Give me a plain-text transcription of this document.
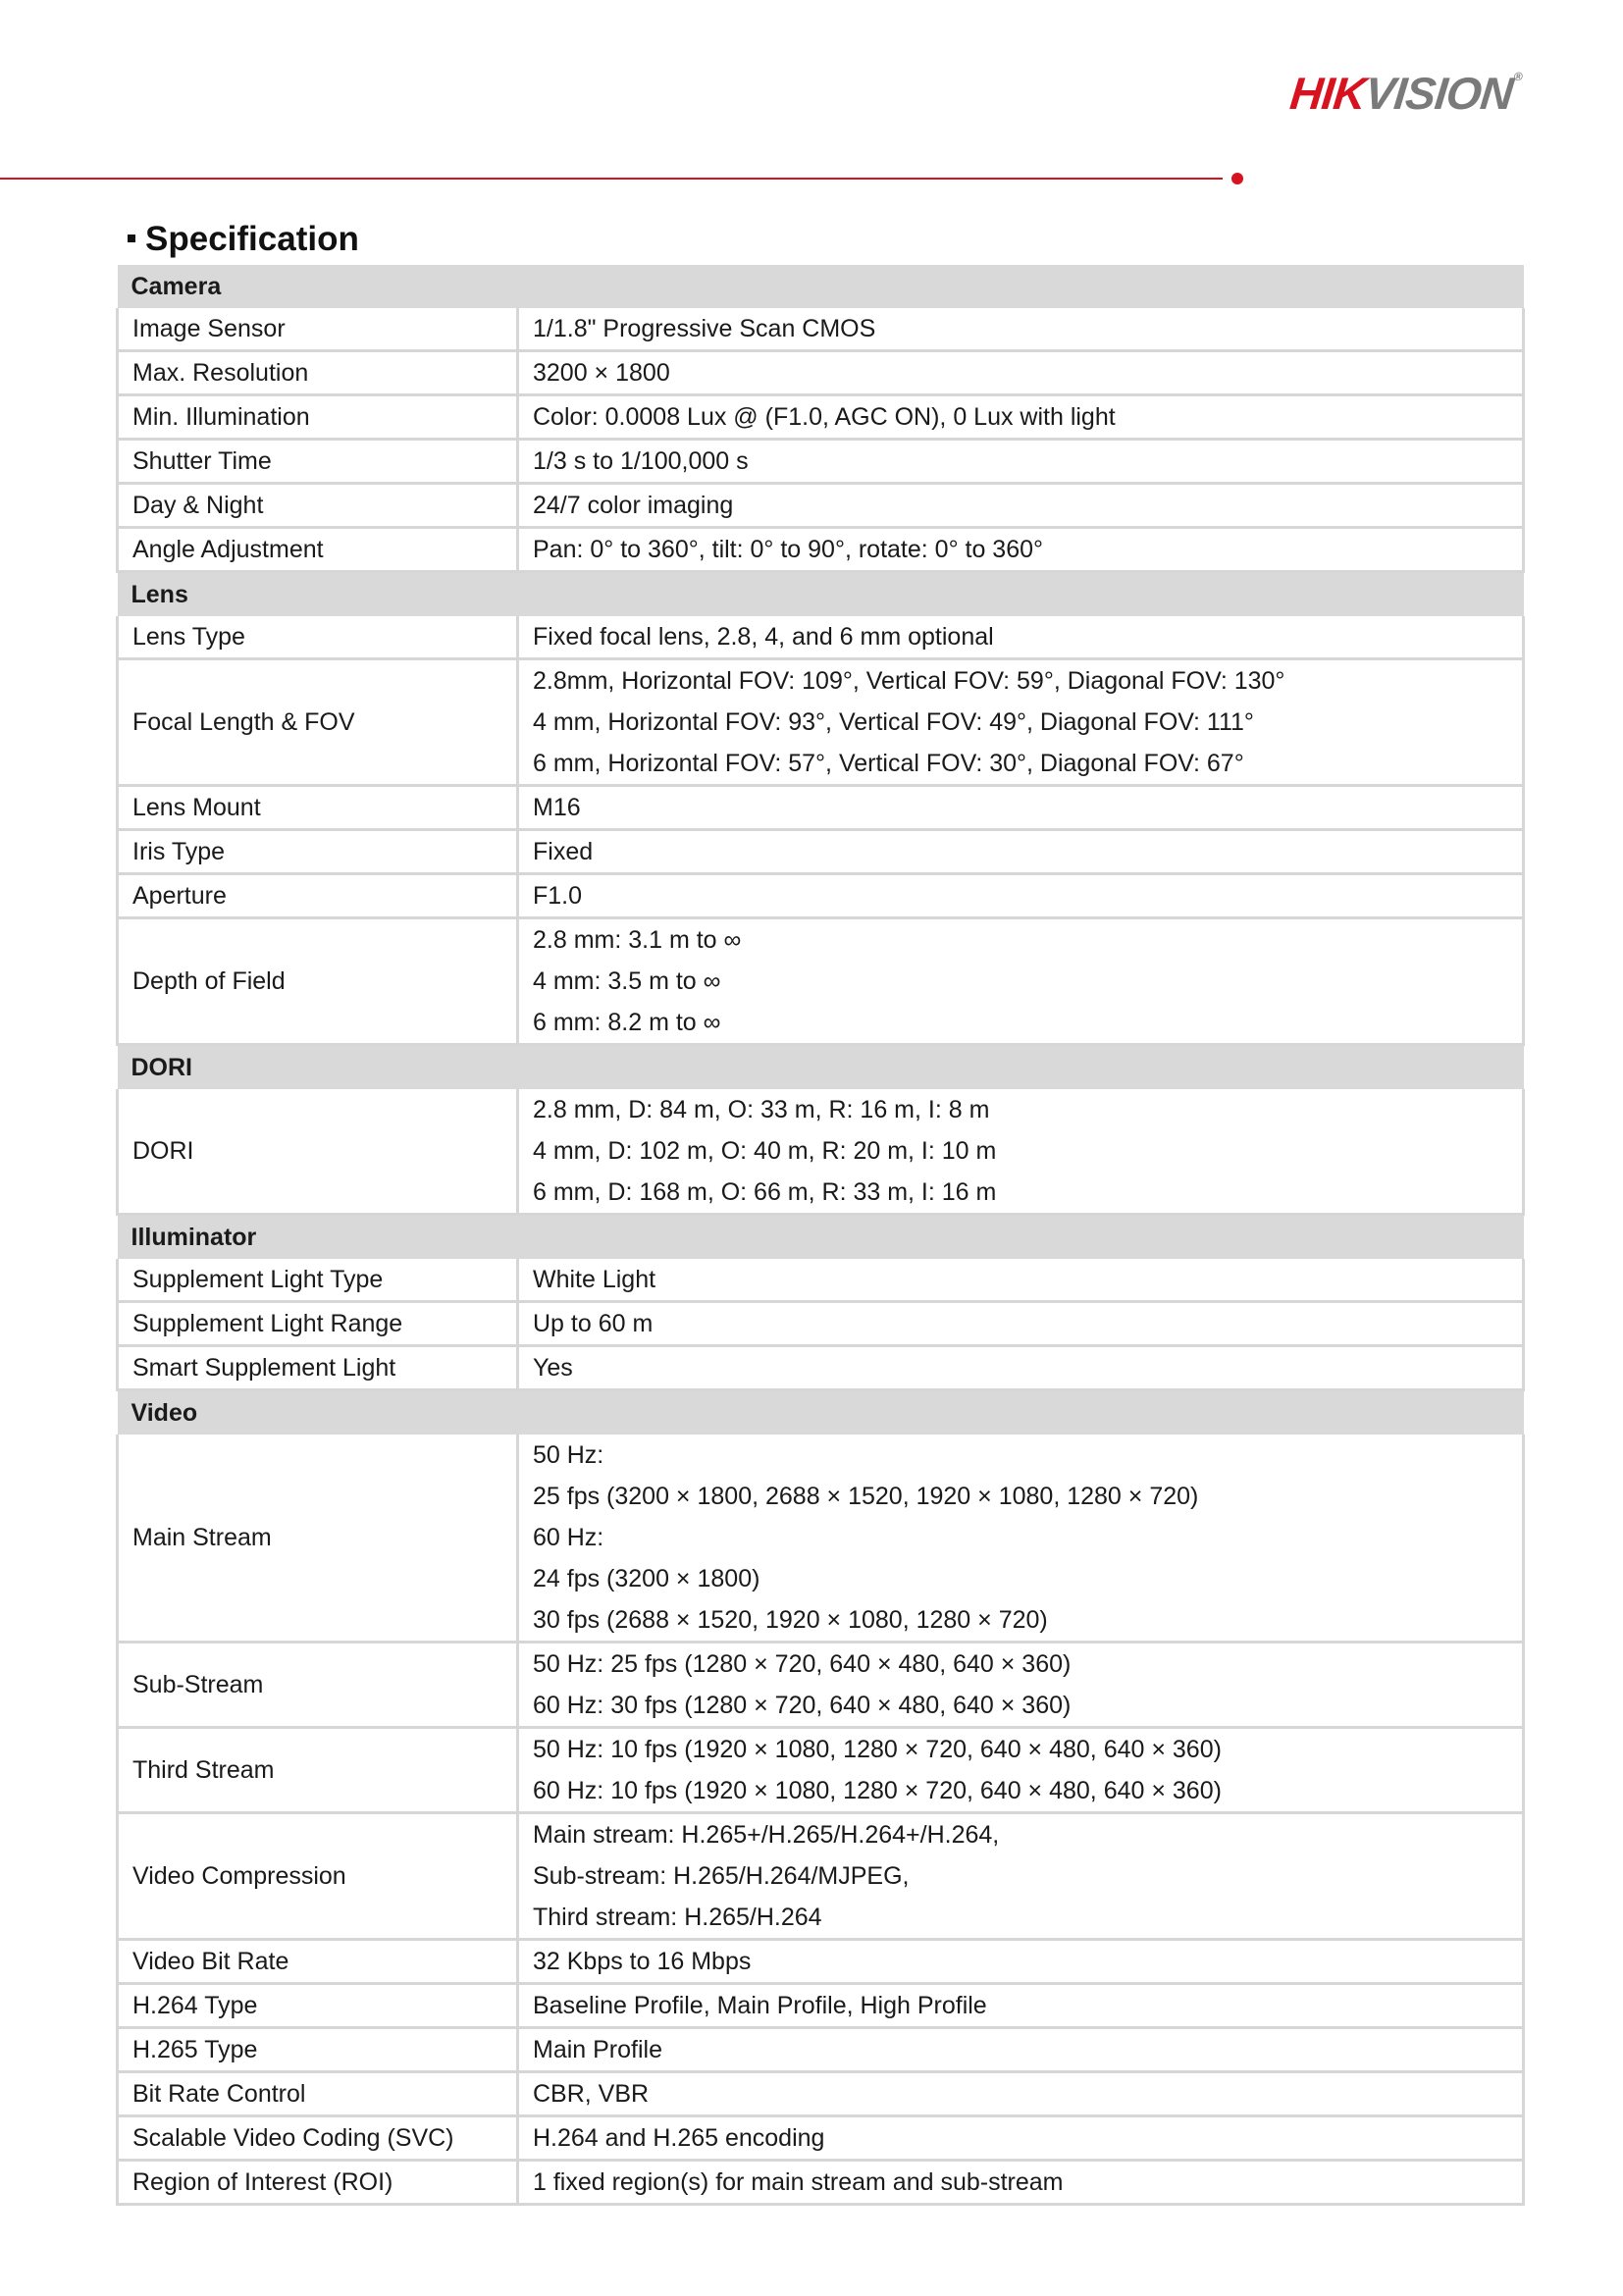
HIKVISION®
Specification
Camera	
Image Sensor	1/1.8" Progressive Scan CMOS

Max. Resolution	3200 × 1800

Min. Illumination	Color: 0.0008 Lux @ (F1.0, AGC ON), 0 Lux with light

Shutter Time	1/3 s to 1/100,000 s

Day & Night	24/7 color imaging

Angle Adjustment	Pan: 0° to 360°, tilt: 0° to 90°, rotate: 0° to 360°

Lens	
Lens Type	Fixed focal lens, 2.8, 4, and 6 mm optional

Focal Length & FOV	2.8mm, Horizontal FOV: 109°, Vertical FOV: 59°, Diagonal FOV: 130°
4 mm, Horizontal FOV: 93°, Vertical FOV: 49°, Diagonal FOV: 111°
6 mm, Horizontal FOV: 57°, Vertical FOV: 30°, Diagonal FOV: 67°

Lens Mount	M16

Iris Type	Fixed

Aperture	F1.0

Depth of Field	2.8 mm: 3.1 m to ∞
4 mm: 3.5 m to ∞
6 mm: 8.2 m to ∞

DORI	
DORI	2.8 mm, D: 84 m, O: 33 m, R: 16 m, I: 8 m
4 mm, D: 102 m, O: 40 m, R: 20 m, I: 10 m
6 mm, D: 168 m, O: 66 m, R: 33 m, I: 16 m

Illuminator	
Supplement Light Type	White Light

Supplement Light Range	Up to 60 m

Smart Supplement Light	Yes

Video	
Main Stream	50 Hz:
25 fps (3200 × 1800, 2688 × 1520, 1920 × 1080, 1280 × 720)
60 Hz:
24 fps (3200 × 1800)
30 fps (2688 × 1520, 1920 × 1080, 1280 × 720)

Sub-Stream	50 Hz: 25 fps (1280 × 720, 640 × 480, 640 × 360)
60 Hz: 30 fps (1280 × 720, 640 × 480, 640 × 360)

Third Stream	50 Hz: 10 fps (1920 × 1080, 1280 × 720, 640 × 480, 640 × 360)
60 Hz: 10 fps (1920 × 1080, 1280 × 720, 640 × 480, 640 × 360)

Video Compression	Main stream: H.265+/H.265/H.264+/H.264,
Sub-stream: H.265/H.264/MJPEG,
Third stream: H.265/H.264

Video Bit Rate	32 Kbps to 16 Mbps

H.264 Type	Baseline Profile, Main Profile, High Profile

H.265 Type	Main Profile

Bit Rate Control	CBR, VBR

Scalable Video Coding (SVC)	H.264 and H.265 encoding

Region of Interest (ROI)	1 fixed region(s) for main stream and sub-stream
